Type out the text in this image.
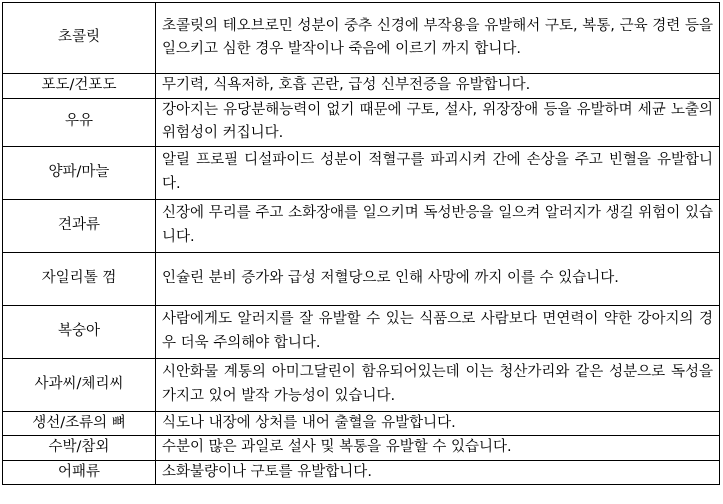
초콜릿	초콜릿의 테오브로민 성분이 중추 신경에 부작용을 유발해서 구토, 복통, 근육 경련 등을 일으키고 심한 경우 발작이나 죽음에 이르기 까지 합니다.
포도/건포도	무기력, 식욕저하, 호흡 곤란, 급성 신부전증을 유발합니다.
우유	강아지는 유당분해능력이 없기 때문에 구토, 설사, 위장장애 등을 유발하며 세균 노출의 위험성이 커집니다.
양파/마늘	알릴 프로필 디설파이드 성분이 적혈구를 파괴시켜 간에 손상을 주고 빈혈을 유발합니다.
견과류	신장에 무리를 주고 소화장애를 일으키며 독성반응을 일으켜 알러지가 생길 위험이 있습니다.
자일리톨 껌	인슐린 분비 증가와 급성 저혈당으로 인해 사망에 까지 이를 수 있습니다.
복숭아	사람에게도 알러지를 잘 유발할 수 있는 식품으로 사람보다 면연력이 약한 강아지의 경우 더욱 주의해야 합니다.
사과씨/체리씨	시안화물 계통의 아미그달린이 함유되어있는데 이는 청산가리와 같은 성분으로 독성을 가지고 있어 발작 가능성이 있습니다.
생선/조류의 뼈	식도나 내장에 상처를 내어 출혈을 유발합니다.
수박/참외	수분이 많은 과일로 설사 및 복통을 유발할 수 있습니다.
어패류	소화불량이나 구토를 유발합니다.
